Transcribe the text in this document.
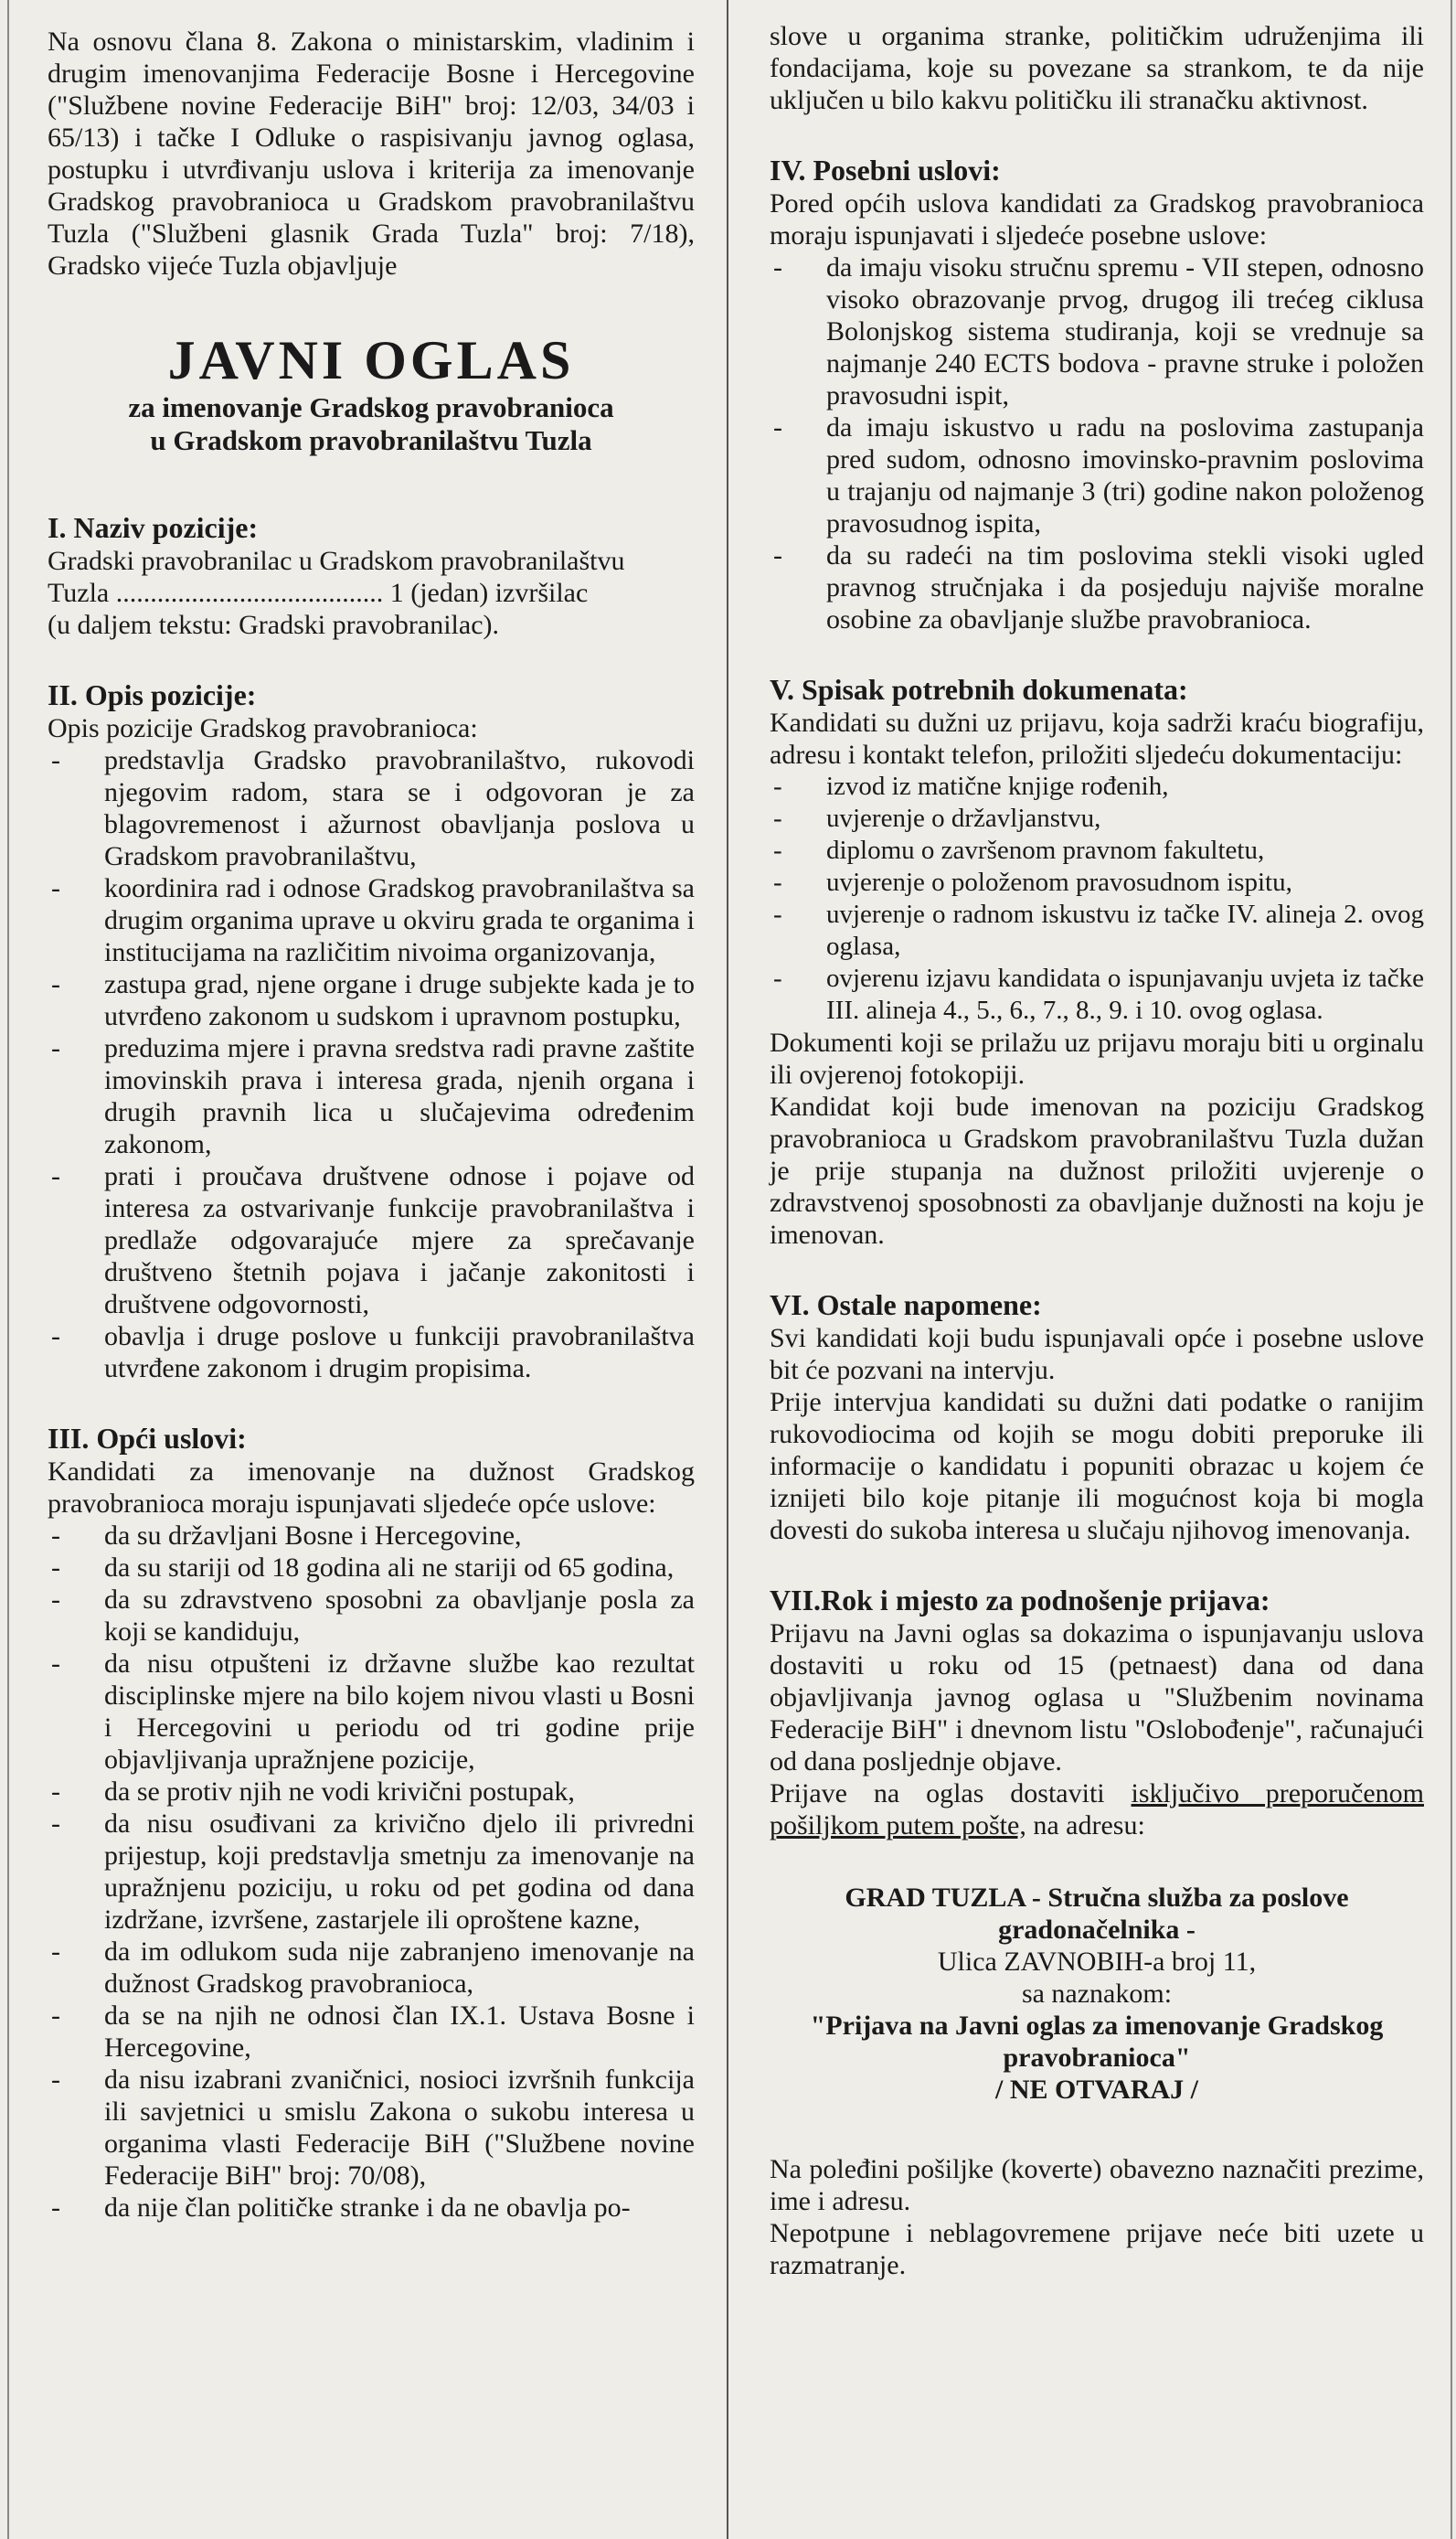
Na osnovu člana 8. Zakona o ministarskim, vladinim i drugim imenovanjima Federacije Bosne i Hercegovine ("Službene novine Federacije BiH" broj: 12/03, 34/03 i 65/13) i tačke I Odluke o raspisivanju javnog oglasa, postupku i utvrđivanju uslova i kriterija za imenovanje Gradskog pravobranioca u Gradskom pravobranilaštvu Tuzla ("Službeni glasnik Grada Tuzla" broj: 7/18), Gradsko vijeće Tuzla objavljuje

JAVNI OGLAS
za imenovanje Gradskog pravobranioca
u Gradskom pravobranilaštvu Tuzla
I. Naziv pozicije:
Gradski pravobranilac u Gradskom pravobranilaštvu
Tuzla ....................................... 1 (jedan) izvršilac
(u daljem tekstu: Gradski pravobranilac).
II. Opis pozicije:

Opis pozicije Gradskog pravobranioca:

- predstavlja Gradsko pravobranilaštvo, rukovodi njegovim radom, stara se i odgovoran je za blagovremenost i ažurnost obavljanja poslova u Gradskom pravobranilaštvu,
- koordinira rad i odnose Gradskog pravobranilaštva sa drugim organima uprave u okviru grada te organima i institucijama na različitim nivoima organizovanja,
- zastupa grad, njene organe i druge subjekte kada je to utvrđeno zakonom u sudskom i upravnom postupku,
- preduzima mjere i pravna sredstva radi pravne zaštite imovinskih prava i interesa grada, njenih organa i drugih pravnih lica u slučajevima određenim zakonom,
- prati i proučava društvene odnose i pojave od interesa za ostvarivanje funkcije pravobranilaštva i predlaže odgovarajuće mjere za sprečavanje društveno štetnih pojava i jačanje zakonitosti i društvene odgovornosti,
- obavlja i druge poslove u funkciji pravobranilaštva utvrđene zakonom i drugim propisima.
III. Opći uslovi:

Kandidati za imenovanje na dužnost Gradskog pravobranioca moraju ispunjavati sljedeće opće uslove:

- da su državljani Bosne i Hercegovine,
- da su stariji od 18 godina ali ne stariji od 65 godina,
- da su zdravstveno sposobni za obavljanje posla za koji se kandiduju,
- da nisu otpušteni iz državne službe kao rezultat disciplinske mjere na bilo kojem nivou vlasti u Bosni i Hercegovini u periodu od tri godine prije objavljivanja upražnjene pozicije,
- da se protiv njih ne vodi krivični postupak,
- da nisu osuđivani za krivično djelo ili privredni prijestup, koji predstavlja smetnju za imenovanje na upražnjenu poziciju, u roku od pet godina od dana izdržane, izvršene, zastarjele ili oproštene kazne,
- da im odlukom suda nije zabranjeno imenovanje na dužnost Gradskog pravobranioca,
- da se na njih ne odnosi član IX.1. Ustava Bosne i Hercegovine,
- da nisu izabrani zvaničnici, nosioci izvršnih funkcija ili savjetnici u smislu Zakona o sukobu interesa u organima vlasti Federacije BiH ("Službene novine Federacije BiH" broj: 70/08),
- da nije član političke stranke i da ne obavlja po-

slove u organima stranke, političkim udruženjima ili fondacijama, koje su povezane sa strankom, te da nije uključen u bilo kakvu političku ili stranačku aktivnost.

IV. Posebni uslovi:

Pored općih uslova kandidati za Gradskog pravobranioca moraju ispunjavati i sljedeće posebne uslove:

- da imaju visoku stručnu spremu - VII stepen, odnosno visoko obrazovanje prvog, drugog ili trećeg ciklusa Bolonjskog sistema studiranja, koji se vrednuje sa najmanje 240 ECTS bodova - pravne struke i položen pravosudni ispit,
- da imaju iskustvo u radu na poslovima zastupanja pred sudom, odnosno imovinsko-pravnim poslovima u trajanju od najmanje 3 (tri) godine nakon položenog pravosudnog ispita,
- da su radeći na tim poslovima stekli visoki ugled pravnog stručnjaka i da posjeduju najviše moralne osobine za obavljanje službe pravobranioca.
V. Spisak potrebnih dokumenata:

Kandidati su dužni uz prijavu, koja sadrži kraću biografiju, adresu i kontakt telefon, priložiti sljedeću dokumentaciju:

- izvod iz matične knjige rođenih,
- uvjerenje o državljanstvu,
- diplomu o završenom pravnom fakultetu,
- uvjerenje o položenom pravosudnom ispitu,
- uvjerenje o radnom iskustvu iz tačke IV. alineja 2. ovog oglasa,
- ovjerenu izjavu kandidata o ispunjavanju uvjeta iz tačke III. alineja 4., 5., 6., 7., 8., 9. i 10. ovog oglasa.

Dokumenti koji se prilažu uz prijavu moraju biti u orginalu ili ovjerenoj fotokopiji.

Kandidat koji bude imenovan na poziciju Gradskog pravobranioca u Gradskom pravobranilaštvu Tuzla dužan je prije stupanja na dužnost priložiti uvjerenje o zdravstvenoj sposobnosti za obavljanje dužnosti na koju je imenovan.

VI. Ostale napomene:

Svi kandidati koji budu ispunjavali opće i posebne uslove bit će pozvani na intervju.

Prije intervjua kandidati su dužni dati podatke o ranijim rukovodiocima od kojih se mogu dobiti preporuke ili informacije o kandidatu i popuniti obrazac u kojem će iznijeti bilo koje pitanje ili mogućnost koja bi mogla dovesti do sukoba interesa u slučaju njihovog imenovanja.

VII.Rok i mjesto za podnošenje prijava:

Prijavu na Javni oglas sa dokazima o ispunjavanju uslova dostaviti u roku od 15 (petnaest) dana od dana objavljivanja javnog oglasa u "Službenim novinama Federacije BiH" i dnevnom listu "Oslobođenje", računajući od dana posljednje objave.

Prijave na oglas dostaviti isključivo preporučenom pošiljkom putem pošte, na adresu:

GRAD TUZLA - Stručna služba za poslove gradonačelnika -
Ulica ZAVNOBIH-a broj 11,
sa naznakom:
"Prijava na Javni oglas za imenovanje Gradskog pravobranioca"
/ NE OTVARAJ /

Na poleđini pošiljke (koverte) obavezno naznačiti prezime, ime i adresu.

Nepotpune i neblagovremene prijave neće biti uzete u razmatranje.
